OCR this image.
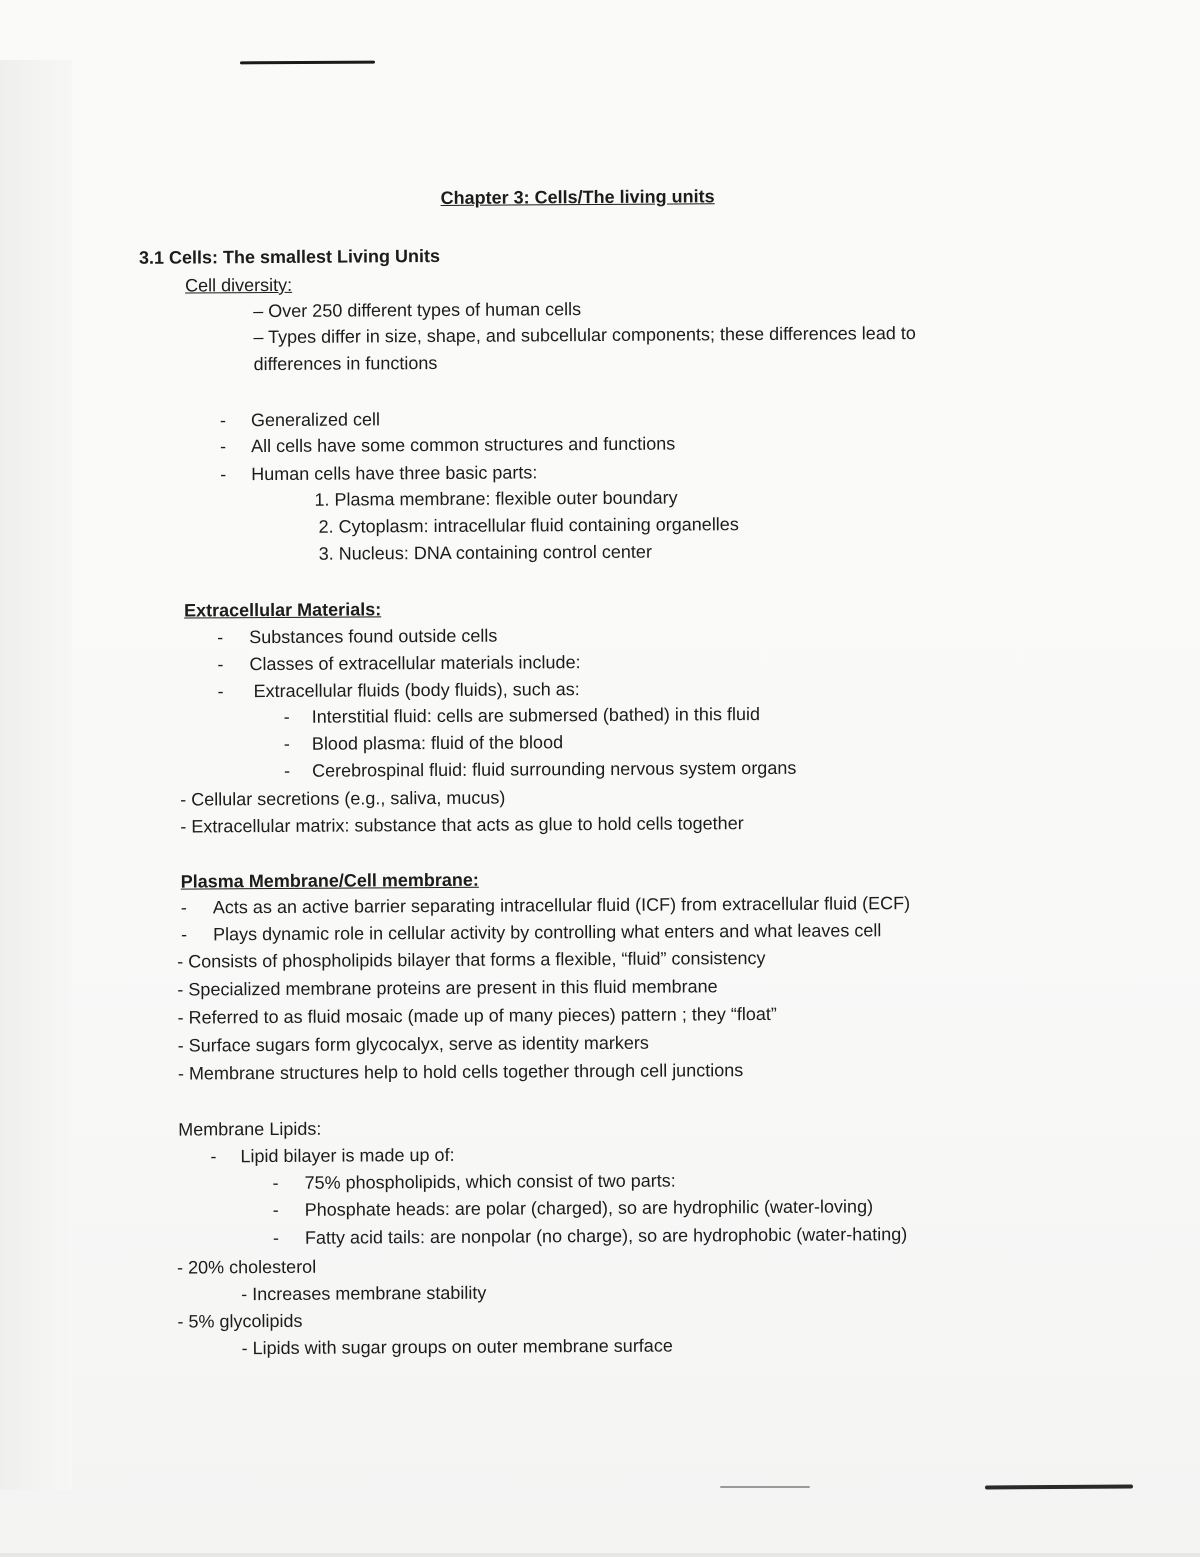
Chapter 3: Cells/The living units

3.1 Cells: The smallest Living Units

Cell diversity:

– Over 250 different types of human cells

– Types differ in size, shape, and subcellular components; these differences lead to

differences in functions

- Generalized cell

- All cells have some common structures and functions

- Human cells have three basic parts:

1. Plasma membrane: flexible outer boundary

2. Cytoplasm: intracellular fluid containing organelles

3. Nucleus: DNA containing control center

Extracellular Materials:

- Substances found outside cells

- Classes of extracellular materials include:

- Extracellular fluids (body fluids), such as:

- Interstitial fluid: cells are submersed (bathed) in this fluid

- Blood plasma: fluid of the blood

- Cerebrospinal fluid: fluid surrounding nervous system organs

- Cellular secretions (e.g., saliva, mucus)

- Extracellular matrix: substance that acts as glue to hold cells together

Plasma Membrane/Cell membrane:

- Acts as an active barrier separating intracellular fluid (ICF) from extracellular fluid (ECF)

- Plays dynamic role in cellular activity by controlling what enters and what leaves cell

- Consists of phospholipids bilayer that forms a flexible, “fluid” consistency

- Specialized membrane proteins are present in this fluid membrane

- Referred to as fluid mosaic (made up of many pieces) pattern ; they “float”

- Surface sugars form glycocalyx, serve as identity markers

- Membrane structures help to hold cells together through cell junctions

Membrane Lipids:

- Lipid bilayer is made up of:

- 75% phospholipids, which consist of two parts:

- Phosphate heads: are polar (charged), so are hydrophilic (water-loving)

- Fatty acid tails: are nonpolar (no charge), so are hydrophobic (water-hating)

- 20% cholesterol

- Increases membrane stability

- 5% glycolipids

- Lipids with sugar groups on outer membrane surface
